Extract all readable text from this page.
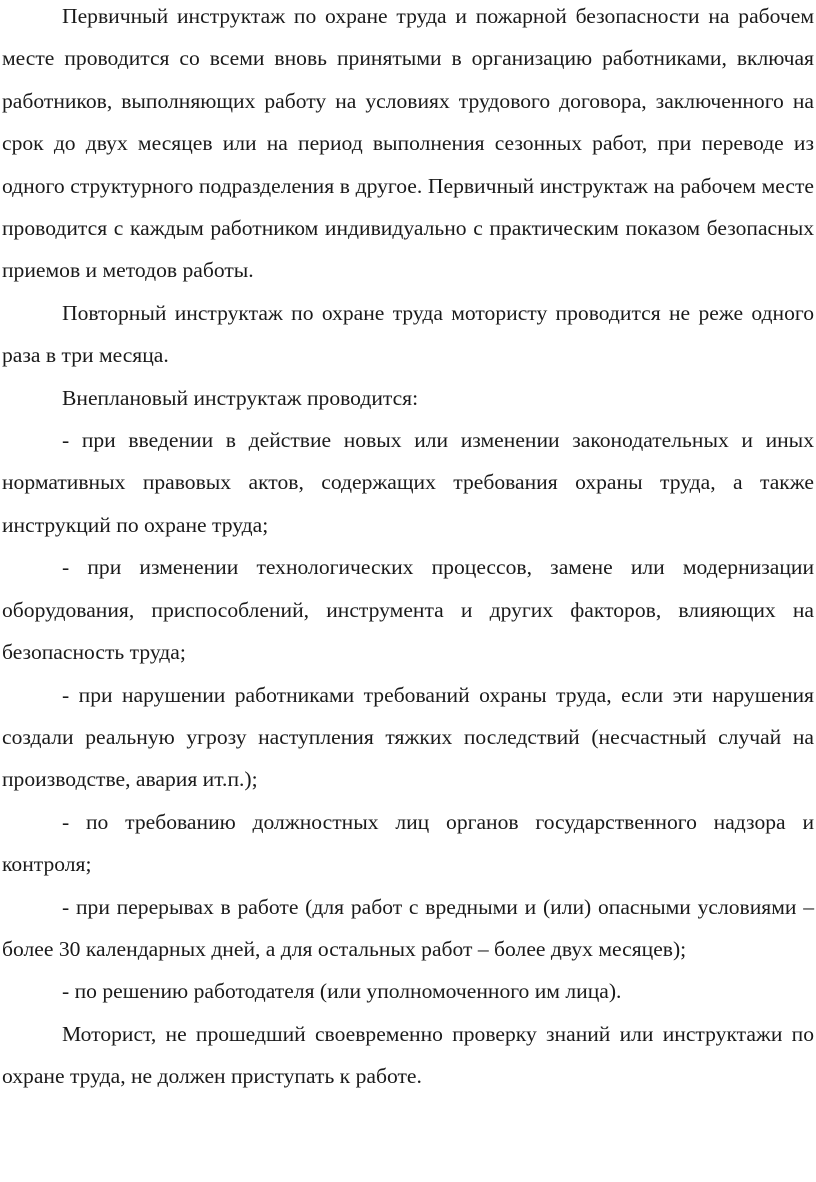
Первичный инструктаж по охране труда и пожарной безопасности на рабочем месте проводится со всеми вновь принятыми в организацию работниками, включая работников, выполняющих работу на условиях трудового договора, заключенного на срок до двух месяцев или на период выполнения сезонных работ, при переводе из одного структурного подразделения в другое. Первичный инструктаж на рабочем месте проводится с каждым работником индивидуально с практическим показом безопасных приемов и методов работы.

Повторный инструктаж по охране труда мотористу проводится не реже одного раза в три месяца.

Внеплановый инструктаж проводится:

- при введении в действие новых или изменении законодательных и иных нормативных правовых актов, содержащих требования охраны труда, а также инструкций по охране труда;

- при изменении технологических процессов, замене или модернизации оборудования, приспособлений, инструмента и других факторов, влияющих на безопасность труда;

- при нарушении работниками требований охраны труда, если эти нарушения создали реальную угрозу наступления тяжких последствий (несчастный случай на производстве, авария ит.п.);

- по требованию должностных лиц органов государственного надзора и контроля;

- при перерывах в работе (для работ с вредными и (или) опасными условиями – более 30 календарных дней, а для остальных работ – более двух месяцев);

- по решению работодателя (или уполномоченного им лица).

Моторист, не прошедший своевременно проверку знаний или инструктажи по охране труда, не должен приступать к работе.
